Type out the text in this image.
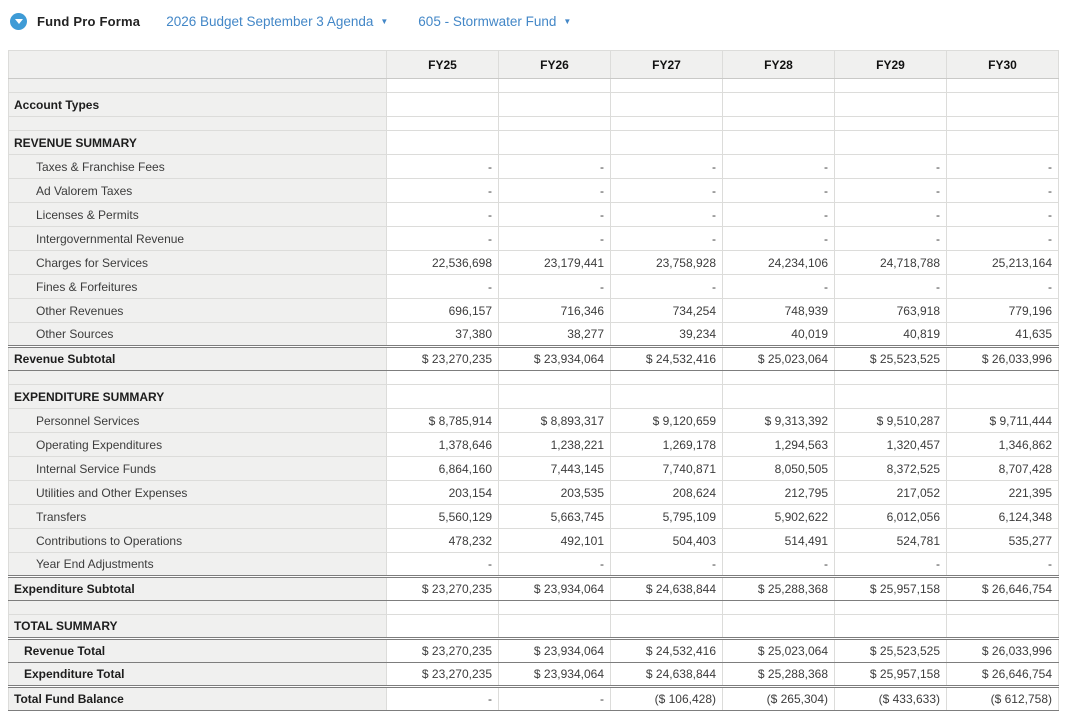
Fund Pro Forma 2026 Budget September 3 Agenda ▼ 605 - Stormwater Fund ▼
	FY25	FY26	FY27	FY28	FY29	FY30

Account Types						

REVENUE SUMMARY						
Taxes & Franchise Fees	-	-	-	-	-	-
Ad Valorem Taxes	-	-	-	-	-	-
Licenses & Permits	-	-	-	-	-	-
Intergovernmental Revenue	-	-	-	-	-	-
Charges for Services	22,536,698	23,179,441	23,758,928	24,234,106	24,718,788	25,213,164
Fines & Forfeitures	-	-	-	-	-	-
Other Revenues	696,157	716,346	734,254	748,939	763,918	779,196
Other Sources	37,380	38,277	39,234	40,019	40,819	41,635
Revenue Subtotal	$ 23,270,235	$ 23,934,064	$ 24,532,416	$ 25,023,064	$ 25,523,525	$ 26,033,996

EXPENDITURE SUMMARY						
Personnel Services	$ 8,785,914	$ 8,893,317	$ 9,120,659	$ 9,313,392	$ 9,510,287	$ 9,711,444
Operating Expenditures	1,378,646	1,238,221	1,269,178	1,294,563	1,320,457	1,346,862
Internal Service Funds	6,864,160	7,443,145	7,740,871	8,050,505	8,372,525	8,707,428
Utilities and Other Expenses	203,154	203,535	208,624	212,795	217,052	221,395
Transfers	5,560,129	5,663,745	5,795,109	5,902,622	6,012,056	6,124,348
Contributions to Operations	478,232	492,101	504,403	514,491	524,781	535,277
Year End Adjustments	-	-	-	-	-	-
Expenditure Subtotal	$ 23,270,235	$ 23,934,064	$ 24,638,844	$ 25,288,368	$ 25,957,158	$ 26,646,754

TOTAL SUMMARY						
Revenue Total	$ 23,270,235	$ 23,934,064	$ 24,532,416	$ 25,023,064	$ 25,523,525	$ 26,033,996
Expenditure Total	$ 23,270,235	$ 23,934,064	$ 24,638,844	$ 25,288,368	$ 25,957,158	$ 26,646,754
Total Fund Balance	-	-	($ 106,428)	($ 265,304)	($ 433,633)	($ 612,758)
